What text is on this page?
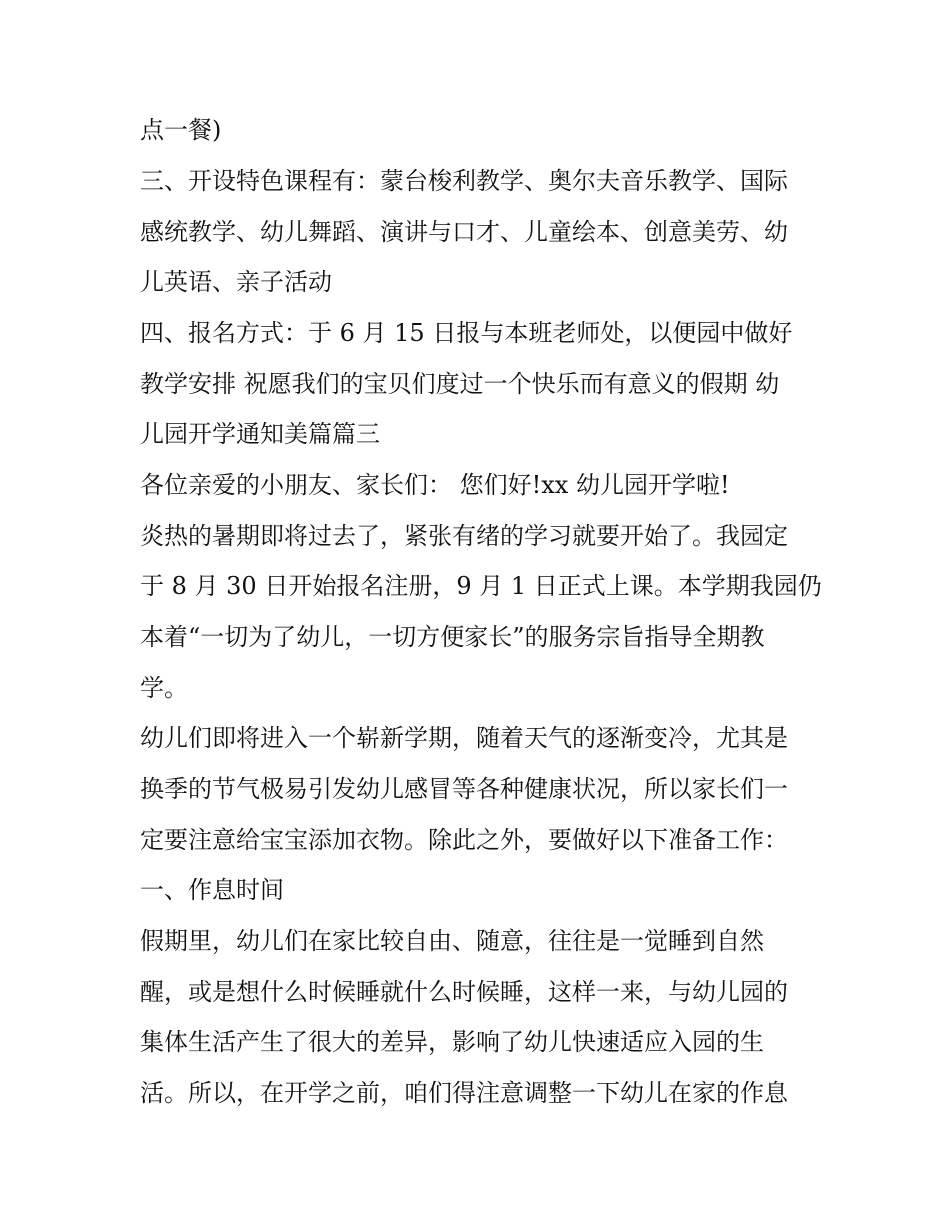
点一餐)

三、开设特色课程有：蒙台梭利教学、奥尔夫音乐教学、国际

感统教学、幼儿舞蹈、演讲与口才、儿童绘本、创意美劳、幼

儿英语、亲子活动

四、报名方式：于 6 月 15 日报与本班老师处，以便园中做好

教学安排 祝愿我们的宝贝们度过一个快乐而有意义的假期 幼

儿园开学通知美篇篇三

各位亲爱的小朋友、家长们： 您们好!xx 幼儿园开学啦!

炎热的暑期即将过去了，紧张有绪的学习就要开始了。我园定

于 8 月 30 日开始报名注册，9 月 1 日正式上课。本学期我园仍

本着“一切为了幼儿，一切方便家长”的服务宗旨指导全期教

学。

幼儿们即将进入一个崭新学期，随着天气的逐渐变冷，尤其是

换季的节气极易引发幼儿感冒等各种健康状况，所以家长们一

定要注意给宝宝添加衣物。除此之外，要做好以下准备工作：

一、作息时间

假期里，幼儿们在家比较自由、随意，往往是一觉睡到自然

醒，或是想什么时候睡就什么时候睡，这样一来，与幼儿园的

集体生活产生了很大的差异，影响了幼儿快速适应入园的生

活。所以，在开学之前，咱们得注意调整一下幼儿在家的作息
